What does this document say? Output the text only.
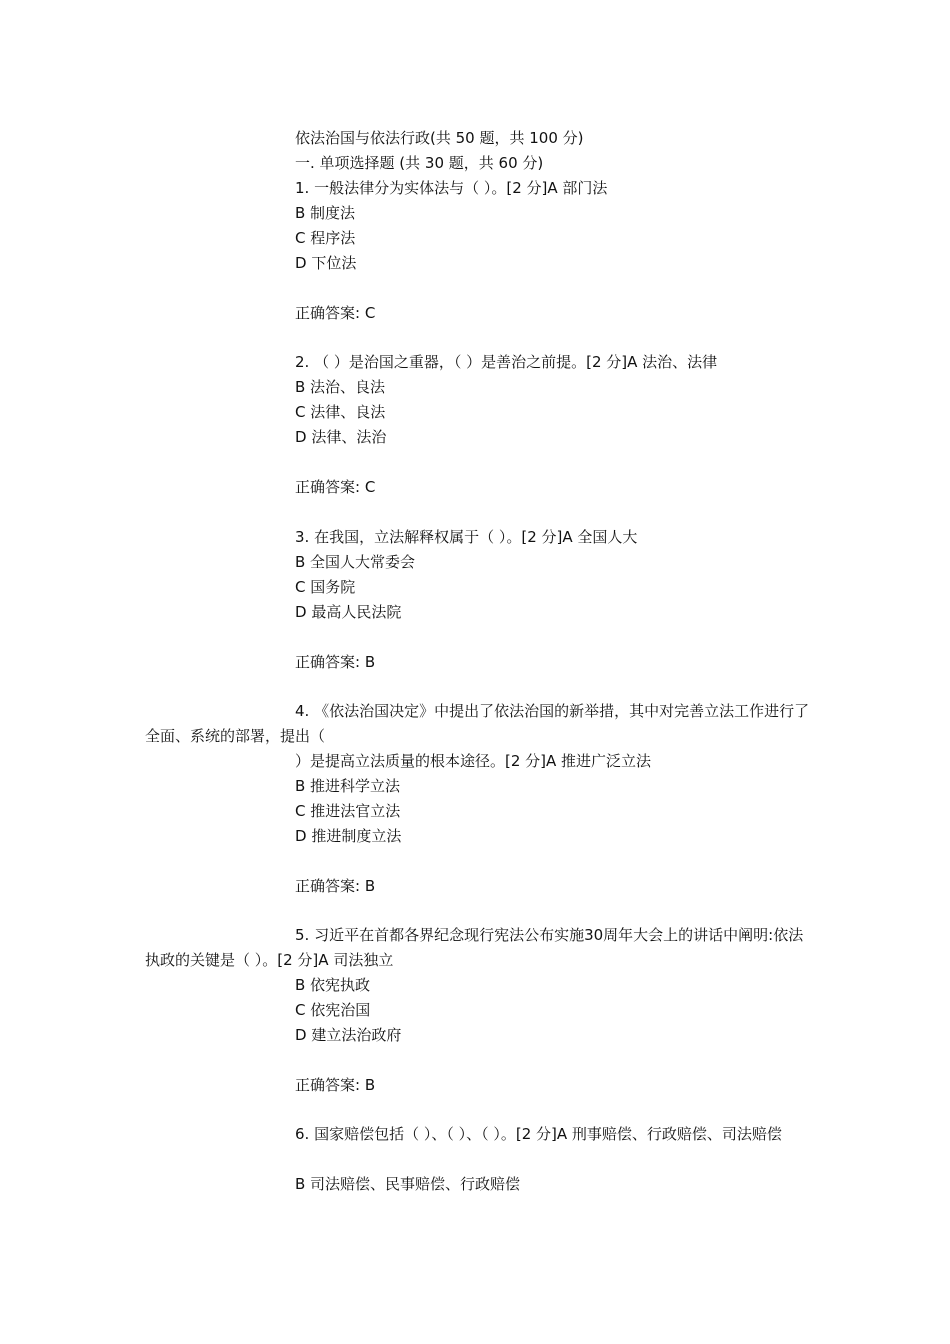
依法治国与依法行政(共 50 题，共 100 分)
一. 单项选择题 (共 30 题，共 60 分)
1. 一般法律分为实体法与（ ）。[2 分]A 部门法
B 制度法
C 程序法
D 下位法
正确答案: C
2. （ ）是治国之重器，（ ）是善治之前提。[2 分]A 法治、法律
B 法治、良法
C 法律、良法
D 法律、法治
正确答案: C
3. 在我国，立法解释权属于（ ）。[2 分]A 全国人大
B 全国人大常委会
C 国务院
D 最高人民法院
正确答案: B
4. 《依法治国决定》中提出了依法治国的新举措，其中对完善立法工作进行了全面、系统的部署，提出（
）是提高立法质量的根本途径。[2 分]A 推进广泛立法
B 推进科学立法
C 推进法官立法
D 推进制度立法
正确答案: B
5. 习近平在首都各界纪念现行宪法公布实施30周年大会上的讲话中阐明:依法执政的关键是（ ）。[2 分]A 司法独立
B 依宪执政
C 依宪治国
D 建立法治政府
正确答案: B
6. 国家赔偿包括（ ）、（ ）、（ ）。[2 分]A 刑事赔偿、行政赔偿、司法赔偿
B 司法赔偿、民事赔偿、行政赔偿
